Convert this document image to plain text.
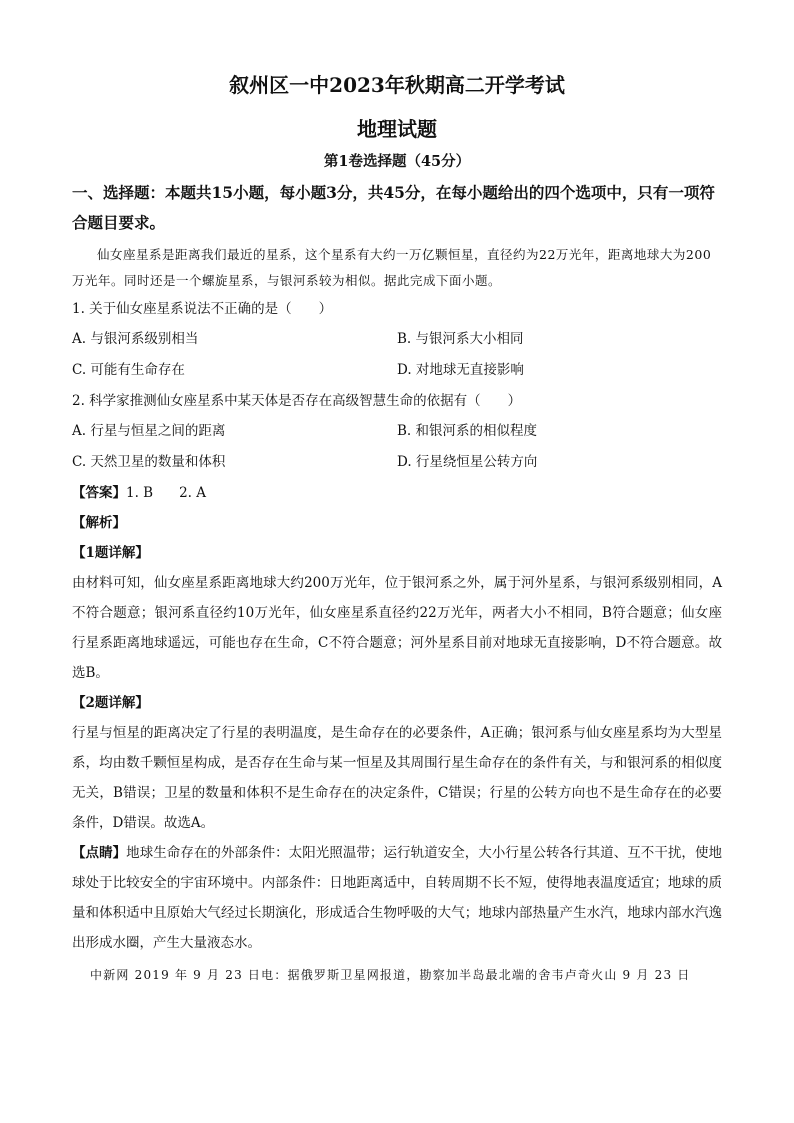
叙州区一中2023年秋期高二开学考试
地理试题
第1卷选择题（45分）
一、选择题：本题共15小题，每小题3分，共45分，在每小题给出的四个选项中，只有一项符合题目要求。
仙女座星系是距离我们最近的星系，这个星系有大约一万亿颗恒星，直径约为22万光年，距离地球大为200万光年。同时还是一个螺旋星系，与银河系较为相似。据此完成下面小题。
1. 关于仙女座星系说法不正确的是（　　）
A. 与银河系级别相当	B. 与银河系大小相同
C. 可能有生命存在	D. 对地球无直接影响
2. 科学家推测仙女座星系中某天体是否存在高级智慧生命的依据有（　　）
A. 行星与恒星之间的距离	B. 和银河系的相似程度
C. 天然卫星的数量和体积	D. 行星绕恒星公转方向
【答案】1. B 2. A
【解析】
【1题详解】
由材料可知，仙女座星系距离地球大约200万光年，位于银河系之外，属于河外星系，与银河系级别相同，A不符合题意；银河系直径约10万光年，仙女座星系直径约22万光年，两者大小不相同，B符合题意；仙女座行星系距离地球遥远，可能也存在生命，C不符合题意；河外星系目前对地球无直接影响，D不符合题意。故选B。
【2题详解】
行星与恒星的距离决定了行星的表明温度，是生命存在的必要条件，A正确；银河系与仙女座星系均为大型星系，均由数千颗恒星构成，是否存在生命与某一恒星及其周围行星生命存在的条件有关，与和银河系的相似度无关，B错误；卫星的数量和体积不是生命存在的决定条件，C错误；行星的公转方向也不是生命存在的必要条件，D错误。故选A。
【点睛】地球生命存在的外部条件：太阳光照温带；运行轨道安全，大小行星公转各行其道、互不干扰，使地球处于比较安全的宇宙环境中。内部条件：日地距离适中，自转周期不长不短，使得地表温度适宜；地球的质量和体积适中且原始大气经过长期演化，形成适合生物呼吸的大气；地球内部热量产生水汽，地球内部水汽逸出形成水圈，产生大量液态水。
中新网 2019 年 9 月 23 日电：据俄罗斯卫星网报道，勘察加半岛最北端的舍韦卢奇火山 9 月 23 日
